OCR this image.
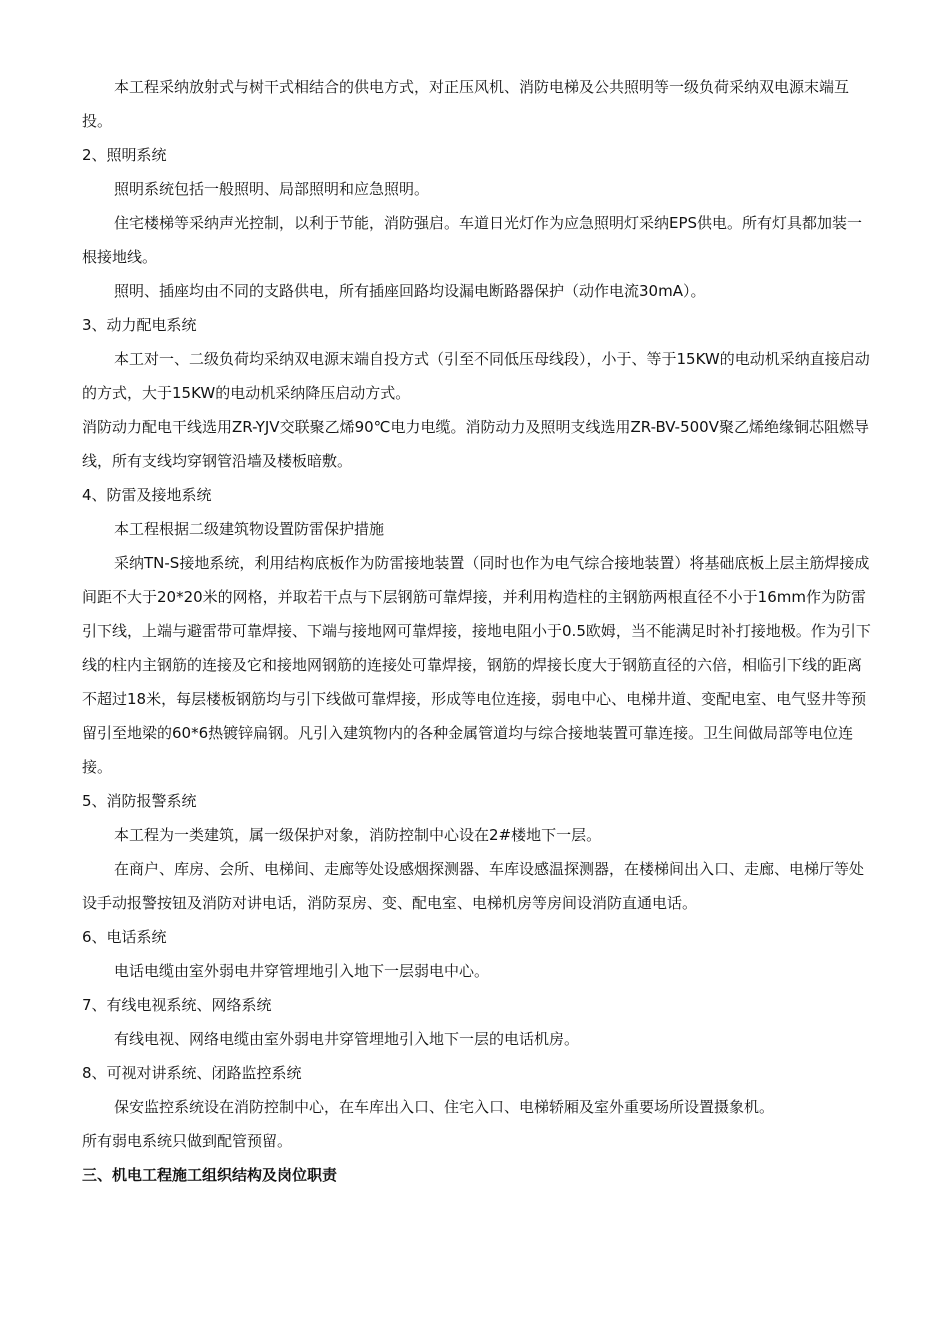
本工程采纳放射式与树干式相结合的供电方式，对正压风机、消防电梯及公共照明等一级负荷采纳双电源末端互投。

2、照明系统

照明系统包括一般照明、局部照明和应急照明。

住宅楼梯等采纳声光控制，以利于节能，消防强启。车道日光灯作为应急照明灯采纳EPS供电。所有灯具都加装一根接地线。

照明、插座均由不同的支路供电，所有插座回路均设漏电断路器保护（动作电流30mA）。

3、动力配电系统

本工对一、二级负荷均采纳双电源末端自投方式（引至不同低压母线段），小于、等于15KW的电动机采纳直接启动的方式，大于15KW的电动机采纳降压启动方式。

消防动力配电干线选用ZR-YJV交联聚乙烯90℃电力电缆。消防动力及照明支线选用ZR-BV-500V聚乙烯绝缘铜芯阻燃导线，所有支线均穿钢管沿墙及楼板暗敷。

4、防雷及接地系统

本工程根据二级建筑物设置防雷保护措施

采纳TN-S接地系统，利用结构底板作为防雷接地装置（同时也作为电气综合接地装置）将基础底板上层主筋焊接成间距不大于20*20米的网格，并取若干点与下层钢筋可靠焊接，并利用构造柱的主钢筋两根直径不小于16mm作为防雷引下线，上端与避雷带可靠焊接、下端与接地网可靠焊接，接地电阻小于0.5欧姆，当不能满足时补打接地极。作为引下线的柱内主钢筋的连接及它和接地网钢筋的连接处可靠焊接，钢筋的焊接长度大于钢筋直径的六倍，相临引下线的距离不超过18米，每层楼板钢筋均与引下线做可靠焊接，形成等电位连接，弱电中心、电梯井道、变配电室、电气竖井等预留引至地梁的60*6热镀锌扁钢。凡引入建筑物内的各种金属管道均与综合接地装置可靠连接。卫生间做局部等电位连接。

5、消防报警系统

本工程为一类建筑，属一级保护对象，消防控制中心设在2#楼地下一层。

在商户、库房、会所、电梯间、走廊等处设感烟探测器、车库设感温探测器，在楼梯间出入口、走廊、电梯厅等处设手动报警按钮及消防对讲电话，消防泵房、变、配电室、电梯机房等房间设消防直通电话。

6、电话系统

电话电缆由室外弱电井穿管埋地引入地下一层弱电中心。

7、有线电视系统、网络系统

有线电视、网络电缆由室外弱电井穿管埋地引入地下一层的电话机房。

8、可视对讲系统、闭路监控系统

保安监控系统设在消防控制中心，在车库出入口、住宅入口、电梯轿厢及室外重要场所设置摄象机。

所有弱电系统只做到配管预留。

三、机电工程施工组织结构及岗位职责
